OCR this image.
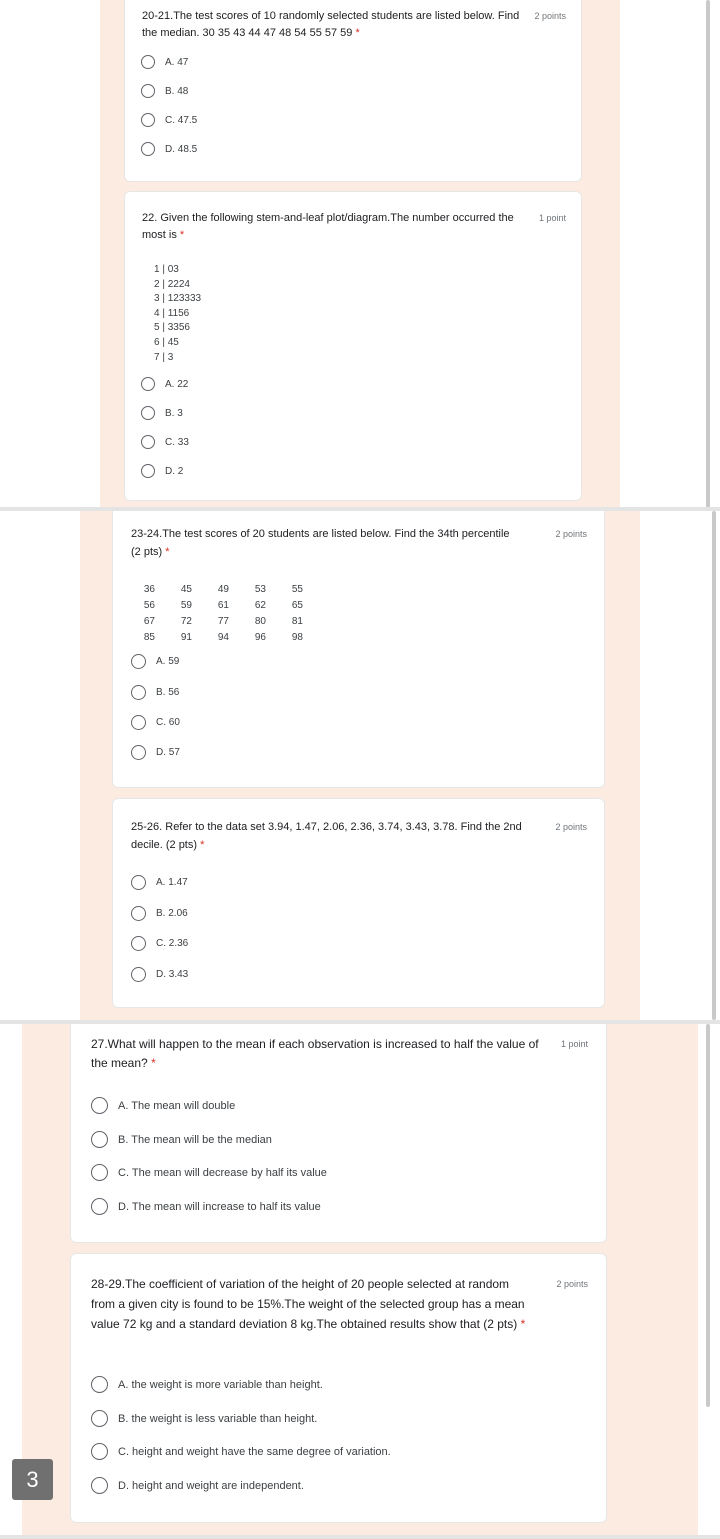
20-21.The test scores of 10 randomly selected students are listed below. Find the median. 30 35 43 44 47 48 54 55 57 59 *
2 points
A. 47
B. 48
C. 47.5
D. 48.5
22. Given the following stem-and-leaf plot/diagram.The number occurred the most is *
1 point
1 | 03
2 | 2224
3 | 123333
4 | 1156
5 | 3356
6 | 45
7 | 3
A. 22
B. 3
C. 33
D. 2
23-24.The test scores of 20 students are listed below. Find the 34th percentile (2 pts) *
2 points
36	45	49	53	55
56	59	61	62	65
67	72	77	80	81
85	91	94	96	98
A. 59
B. 56
C. 60
D. 57
25-26. Refer to the data set 3.94, 1.47, 2.06, 2.36, 3.74, 3.43, 3.78. Find the 2nd decile. (2 pts) *
2 points
A. 1.47
B. 2.06
C. 2.36
D. 3.43
27.What will happen to the mean if each observation is increased to half the value of the mean? *
1 point
A. The mean will double
B. The mean will be the median
C. The mean will decrease by half its value
D. The mean will increase to half its value
28-29.The coefficient of variation of the height of 20 people selected at random from a given city is found to be 15%.The weight of the selected group has a mean value 72 kg and a standard deviation 8 kg.The obtained results show that (2 pts) *
2 points
A. the weight is more variable than height.
B. the weight is less variable than height.
C. height and weight have the same degree of variation.
D. height and weight are independent.
3
